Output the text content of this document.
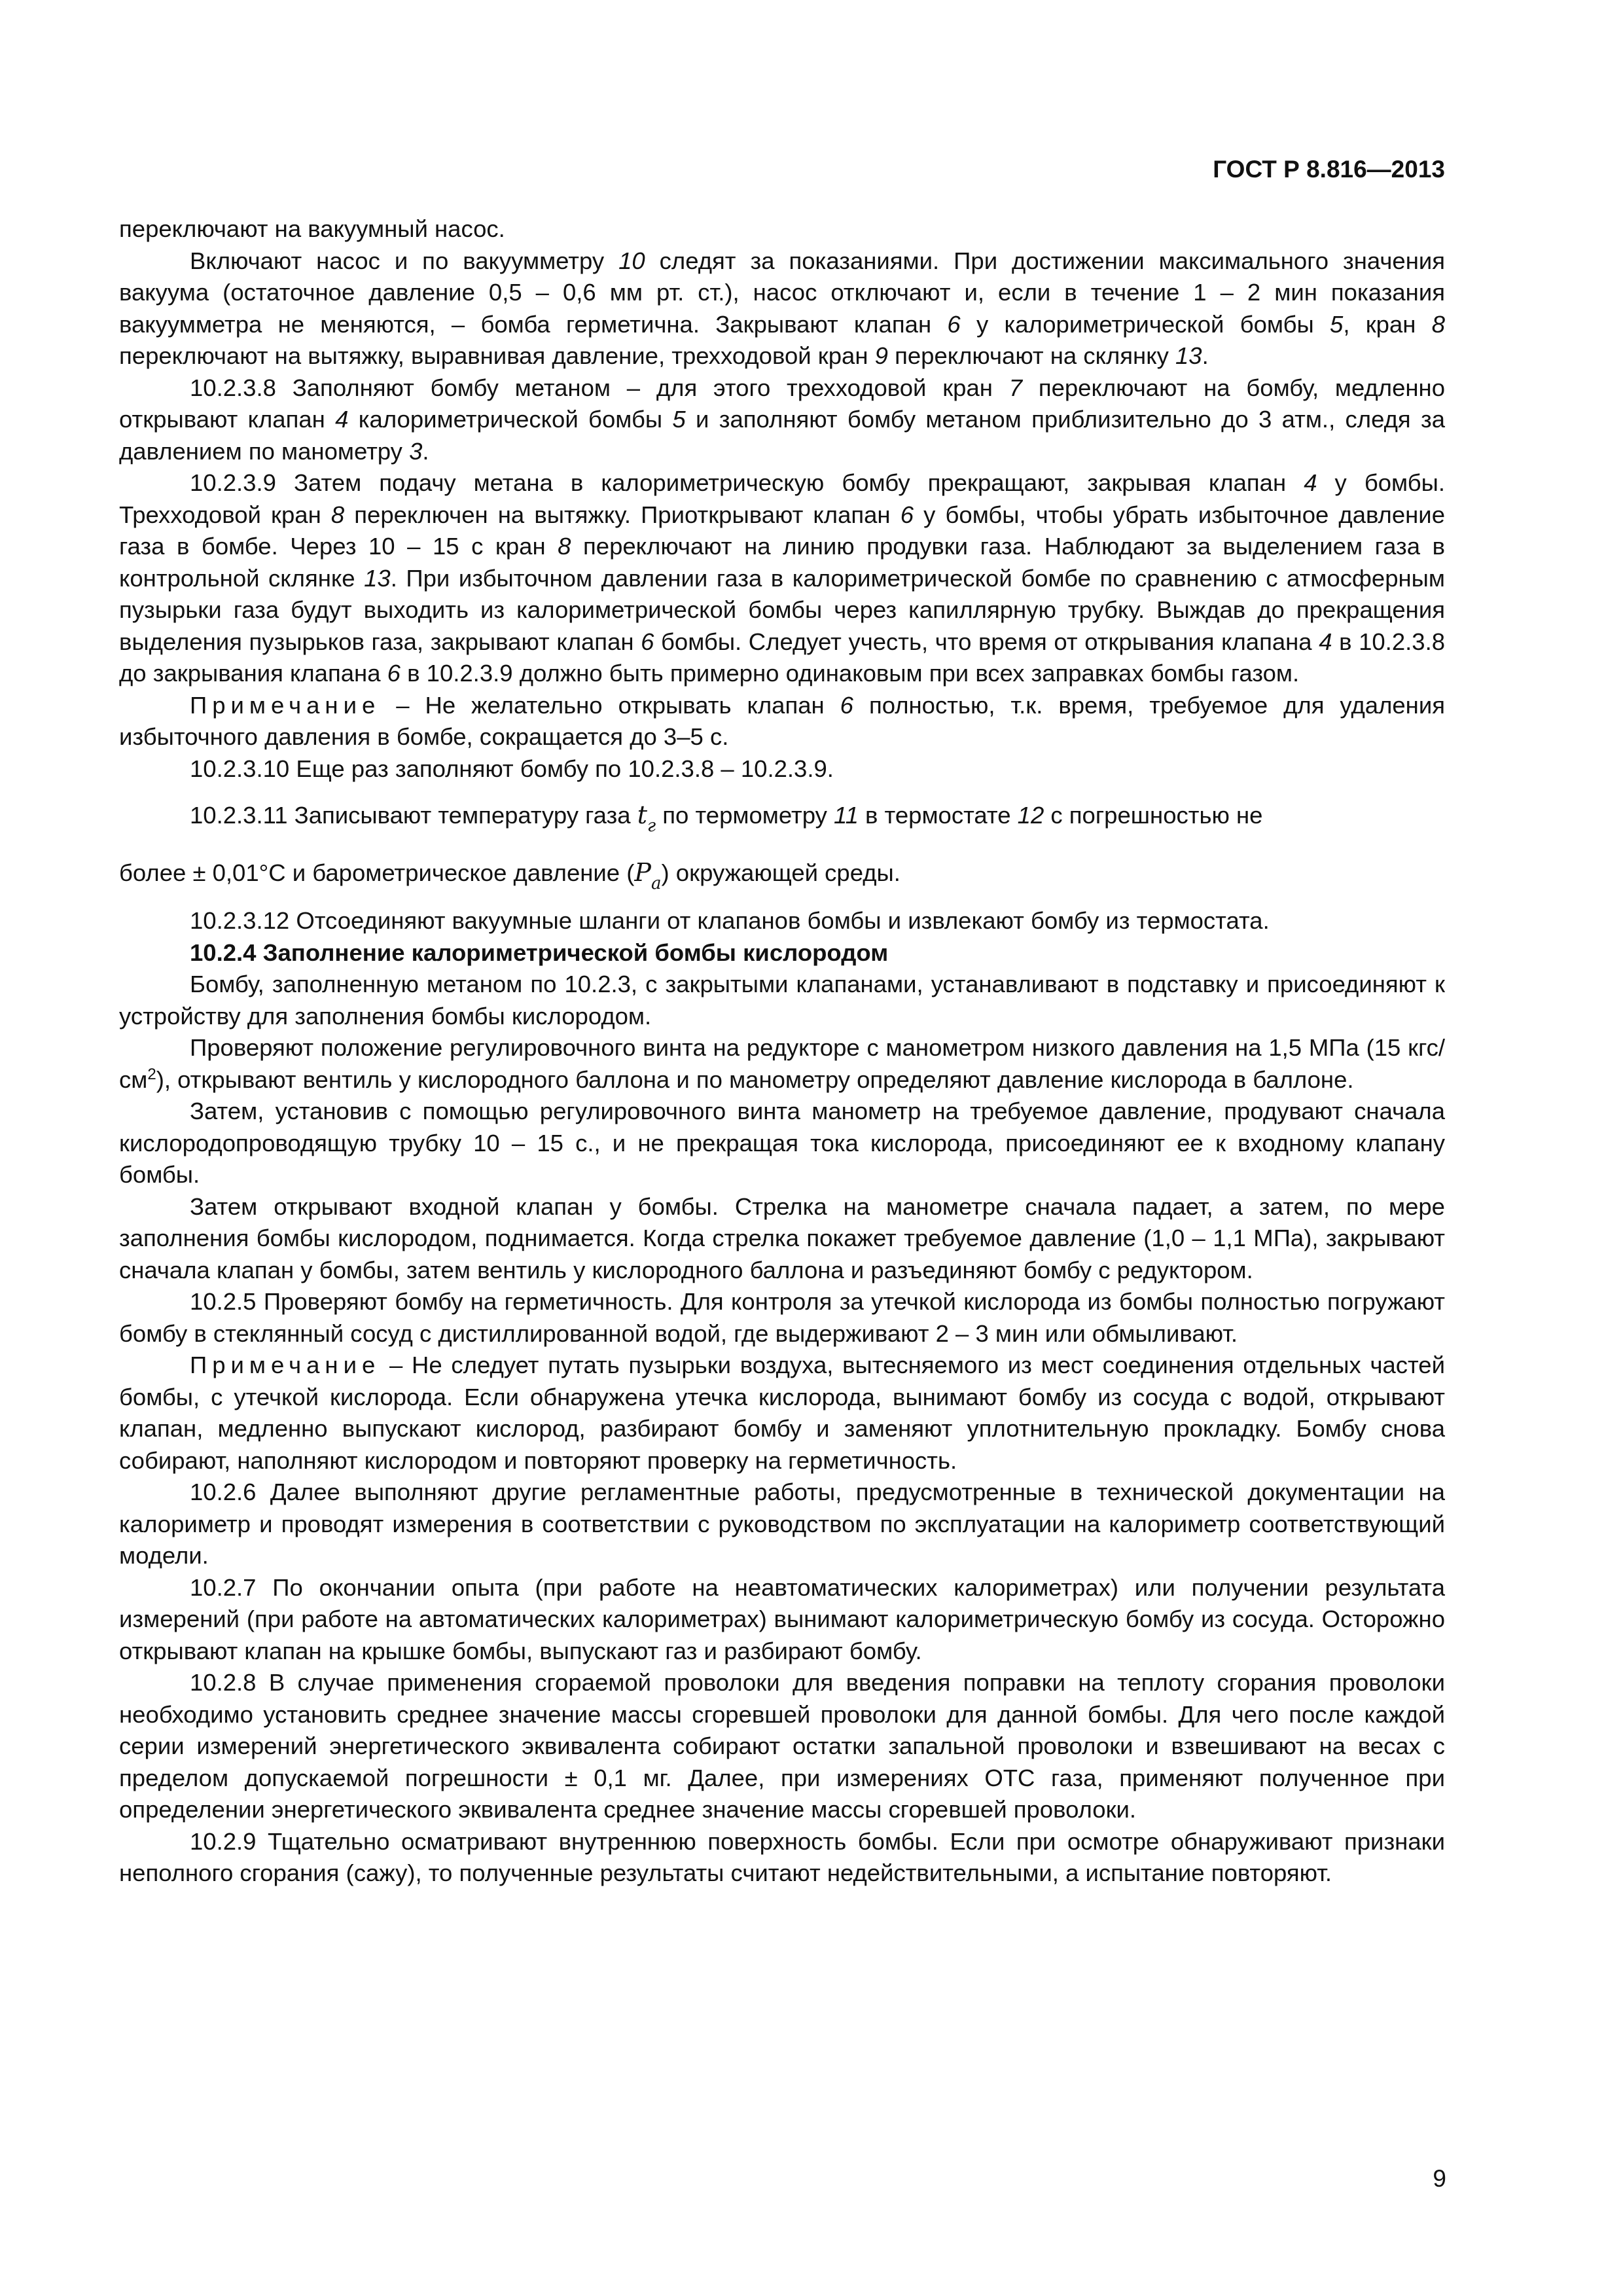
ГОСТ Р 8.816—2013

переключают на вакуумный насос.

Включают насос и по вакуумметру 10 следят за показаниями. При достижении максимального значения вакуума (остаточное давление 0,5 – 0,6 мм рт. ст.), насос отключают и, если в течение 1 – 2 мин показания вакуумметра не меняются, – бомба герметична. Закрывают клапан 6 у калориметрической бомбы 5, кран 8 переключают на вытяжку, выравнивая давление, трехходовой кран 9 переключают на склянку 13.

10.2.3.8 Заполняют бомбу метаном – для этого трехходовой кран 7 переключают на бомбу, медленно открывают клапан 4 калориметрической бомбы 5 и заполняют бомбу метаном приблизительно до 3 атм., следя за давлением по манометру 3.

10.2.3.9 Затем подачу метана в калориметрическую бомбу прекращают, закрывая клапан 4 у бомбы. Трехходовой кран 8 переключен на вытяжку. Приоткрывают клапан 6 у бомбы, чтобы убрать избыточное давление газа в бомбе. Через 10 – 15 с кран 8 переключают на линию продувки газа. Наблюдают за выделением газа в контрольной склянке 13. При избыточном давлении газа в калориметрической бомбе по сравнению с атмосферным пузырьки газа будут выходить из калориметрической бомбы через капиллярную трубку. Выждав до прекращения выделения пузырьков газа, закрывают клапан 6 бомбы. Следует учесть, что время от открывания клапана 4 в 10.2.3.8 до закрывания клапана 6 в 10.2.3.9 должно быть примерно одинаковым при всех заправках бомбы газом.

Примечание – Не желательно открывать клапан 6 полностью, т.к. время, требуемое для удаления избыточного давления в бомбе, сокращается до 3–5 с.

10.2.3.10 Еще раз заполняют бомбу по 10.2.3.8 – 10.2.3.9.

10.2.3.11 Записывают температуру газа $t_г$ по термометру 11 в термостате 12 с погрешностью не

более ± 0,01°С и барометрическое давление $(P_a)$ окружающей среды.

10.2.3.12 Отсоединяют вакуумные шланги от клапанов бомбы и извлекают бомбу из термостата.

10.2.4 Заполнение калориметрической бомбы кислородом

Бомбу, заполненную метаном по 10.2.3, с закрытыми клапанами, устанавливают в подставку и присоединяют к устройству для заполнения бомбы кислородом.

Проверяют положение регулировочного винта на редукторе с манометром низкого давления на 1,5 МПа (15 кгс/$см^2$), открывают вентиль у кислородного баллона и по манометру определяют давление кислорода в баллоне.

Затем, установив с помощью регулировочного винта манометр на требуемое давление, продувают сначала кислородопроводящую трубку 10 – 15 с., и не прекращая тока кислорода, присоединяют ее к входному клапану бомбы.

Затем открывают входной клапан у бомбы. Стрелка на манометре сначала падает, а затем, по мере заполнения бомбы кислородом, поднимается. Когда стрелка покажет требуемое давление (1,0 – 1,1 МПа), закрывают сначала клапан у бомбы, затем вентиль у кислородного баллона и разъединяют бомбу с редуктором.

10.2.5 Проверяют бомбу на герметичность. Для контроля за утечкой кислорода из бомбы полностью погружают бомбу в стеклянный сосуд с дистиллированной водой, где выдерживают 2 – 3 мин или обмыливают.

Примечание – Не следует путать пузырьки воздуха, вытесняемого из мест соединения отдельных частей бомбы, с утечкой кислорода. Если обнаружена утечка кислорода, вынимают бомбу из сосуда с водой, открывают клапан, медленно выпускают кислород, разбирают бомбу и заменяют уплотнительную прокладку. Бомбу снова собирают, наполняют кислородом и повторяют проверку на герметичность.

10.2.6 Далее выполняют другие регламентные работы, предусмотренные в технической документации на калориметр и проводят измерения в соответствии с руководством по эксплуатации на калориметр соответствующий модели.

10.2.7 По окончании опыта (при работе на неавтоматических калориметрах) или получении результата измерений (при работе на автоматических калориметрах) вынимают калориметрическую бомбу из сосуда. Осторожно открывают клапан на крышке бомбы, выпускают газ и разбирают бомбу.

10.2.8 В случае применения сгораемой проволоки для введения поправки на теплоту сгорания проволоки необходимо установить среднее значение массы сгоревшей проволоки для данной бомбы. Для чего после каждой серии измерений энергетического эквивалента собирают остатки запальной проволоки и взвешивают на весах с пределом допускаемой погрешности ± 0,1 мг. Далее, при измерениях ОТС газа, применяют полученное при определении энергетического эквивалента среднее значение массы сгоревшей проволоки.

10.2.9 Тщательно осматривают внутреннюю поверхность бомбы. Если при осмотре обнаруживают признаки неполного сгорания (сажу), то полученные результаты считают недействительными, а испытание повторяют.

9
